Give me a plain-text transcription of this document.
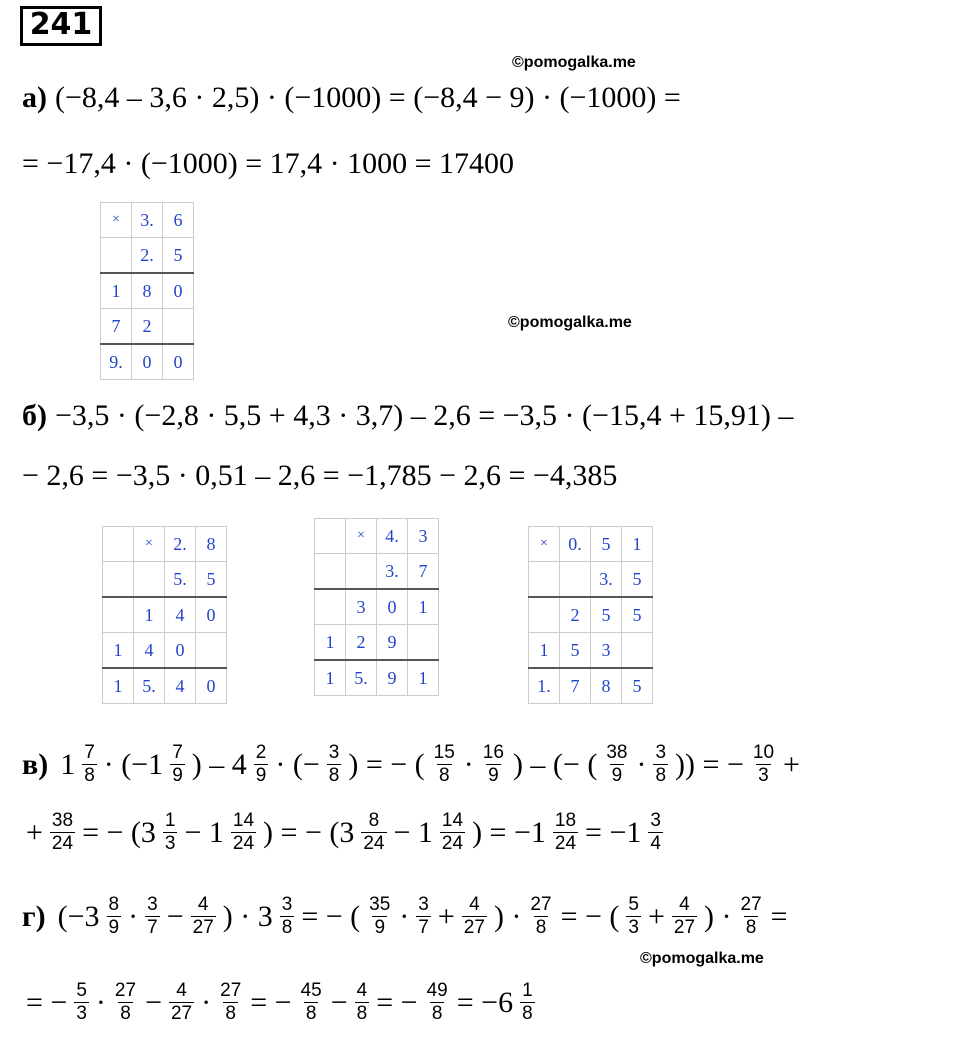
241
©pomogalka.me
а) (−8,4 – 3,6 · 2,5) · (−1000) = (−8,4 − 9) · (−1000) =
= −17,4 · (−1000) = 17,4 · 1000 = 17400
×	3.	6
	2.	5
1	8	0
7	2	
9.	0	0
©pomogalka.me
б) −3,5 · (−2,8 · 5,5 + 4,3 · 3,7) – 2,6 = −3,5 · (−15,4 + 15,91) –
− 2,6 = −3,5 · 0,51 – 2,6 = −1,785 − 2,6 = −4,385
	×	2.	8
		5.	5
	1	4	0
1	4	0	
1	5.	4	0
	×	4.	3
		3.	7
	3	0	1
1	2	9	
1	5.	9	1
×	0.	5	1
		3.	5
	2	5	5
1	5	3	
1.	7	8	5
в) $1 \frac{7}{8} \cdot (-1 \frac{7}{9}$ ) – $4 \frac{2}{9}$ · (− $\frac{3}{8}$ ) = − ( $\frac{15}{8} \cdot \frac{16}{9}$ ) – (− ( $\frac{38}{9} \cdot \frac{3}{8}$ )) = − $\frac{10}{3}$ +
+ $\frac{38}{24}$ = − ($3 \frac{1}{3} - 1 \frac{14}{24}$ ) = − ($3 \frac{8}{24} - 1 \frac{14}{24}$ ) = $-1 \frac{18}{24} = -1 \frac{3}{4}$
г) ($-3 \frac{8}{9} \cdot \frac{3}{7} - \frac{4}{27}$ ) · $3 \frac{3}{8}$ = − ( $\frac{35}{9} \cdot \frac{3}{7} + \frac{4}{27}$ ) · $\frac{27}{8}$ = − ( $\frac{5}{3} + \frac{4}{27}$ ) · $\frac{27}{8}$ =
©pomogalka.me
= − $\frac{5}{3} \cdot \frac{27}{8} - \frac{4}{27} \cdot \frac{27}{8}$ = − $\frac{45}{8} - \frac{4}{8}$ = − $\frac{49}{8} = -6 \frac{1}{8}$
